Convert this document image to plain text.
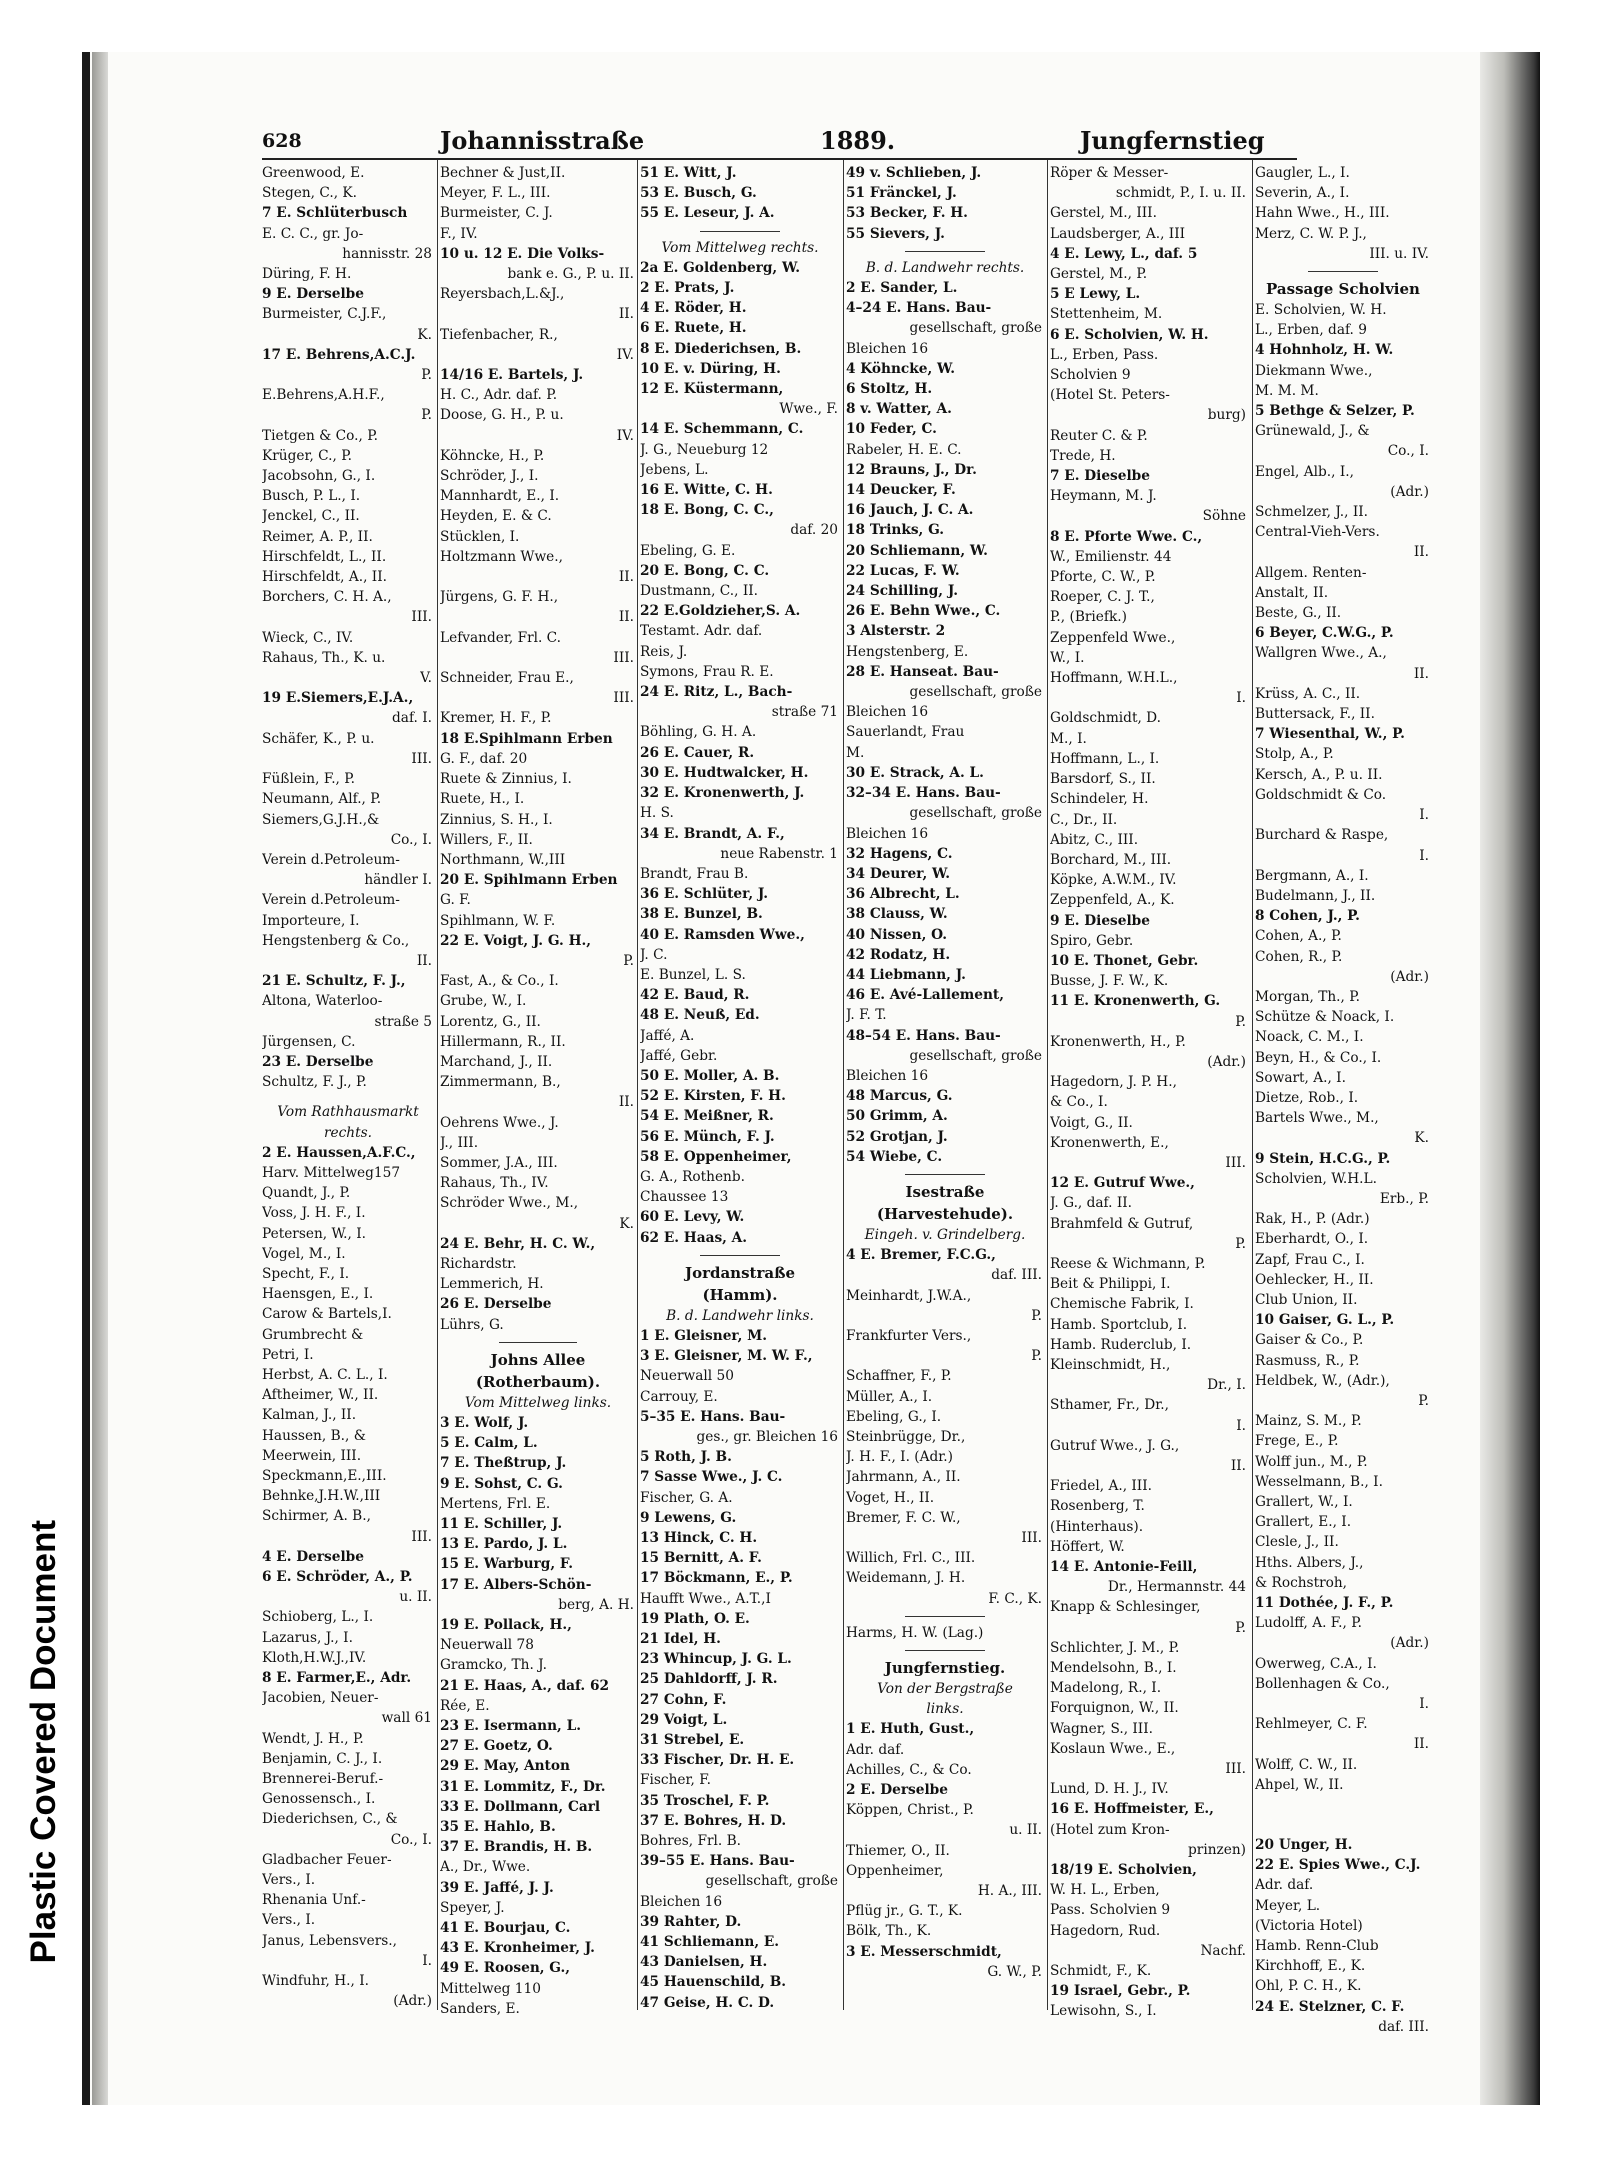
Plastic Covered Document
628	Johannisstraße	1889.	Jungfernstieg
Greenwood, E.
Stegen, C., K.
7 E. Schlüterbusch
E. C. C., gr. Jo-
hannisstr. 28
Düring, F. H.
9 E. Derselbe
Burmeister, C.J.F.,
K.
17 E. Behrens,A.C.J.
P.
E.Behrens,A.H.F.,
P.
Tietgen & Co., P.
Krüger, C., P.
Jacobsohn, G., I.
Busch, P. L., I.
Jenckel, C., II.
Reimer, A. P., II.
Hirschfeldt, L., II.
Hirschfeldt, A., II.
Borchers, C. H. A.,
III.
Wieck, C., IV.
Rahaus, Th., K. u.
V.
19 E.Siemers,E.J.A.,
daf. I.
Schäfer, K., P. u.
III.
Füßlein, F., P.
Neumann, Alf., P.
Siemers,G.J.H.,&
Co., I.
Verein d.Petroleum-
händler I.
Verein d.Petroleum-
Importeure, I.
Hengstenberg & Co.,
II.
21 E. Schultz, F. J.,
Altona, Waterloo-
straße 5
Jürgensen, C.
23 E. Derselbe
Schultz, F. J., P.
Vom Rathhausmarkt
rechts.
2 E. Haussen,A.F.C.,
Harv. Mittelweg157
Quandt, J., P.
Voss, J. H. F., I.
Petersen, W., I.
Vogel, M., I.
Specht, F., I.
Haensgen, E., I.
Carow & Bartels,I.
Grumbrecht &
Petri, I.
Herbst, A. C. L., I.
Aftheimer, W., II.
Kalman, J., II.
Haussen, B., &
Meerwein, III.
Speckmann,E.,III.
Behnke,J.H.W.,III
Schirmer, A. B.,
III.
4 E. Derselbe
6 E. Schröder, A., P.
u. II.
Schioberg, L., I.
Lazarus, J., I.
Kloth,H.W.J.,IV.
8 E. Farmer,E., Adr.
Jacobien, Neuer-
wall 61
Wendt, J. H., P.
Benjamin, C. J., I.
Brennerei-Beruf.-
Genossensch., I.
Diederichsen, C., &
Co., I.
Gladbacher Feuer-
Vers., I.
Rhenania Unf.-
Vers., I.
Janus, Lebensvers.,
I.
Windfuhr, H., I.
(Adr.)
Bechner & Just,II.
Meyer, F. L., III.
Burmeister, C. J.
F., IV.
10 u. 12 E. Die Volks-
bank e. G., P. u. II.
Reyersbach,L.&J.,
II.
Tiefenbacher, R.,
IV.
14/16 E. Bartels, J.
H. C., Adr. daf. P.
Doose, G. H., P. u.
IV.
Köhncke, H., P.
Schröder, J., I.
Mannhardt, E., I.
Heyden, E. & C.
Stücklen, I.
Holtzmann Wwe.,
II.
Jürgens, G. F. H.,
II.
Lefvander, Frl. C.
III.
Schneider, Frau E.,
III.
Kremer, H. F., P.
18 E.Spihlmann Erben
G. F., daf. 20
Ruete & Zinnius, I.
Ruete, H., I.
Zinnius, S. H., I.
Willers, F., II.
Northmann, W.,III
20 E. Spihlmann Erben
G. F.
Spihlmann, W. F.
22 E. Voigt, J. G. H.,
P.
Fast, A., & Co., I.
Grube, W., I.
Lorentz, G., II.
Hillermann, R., II.
Marchand, J., II.
Zimmermann, B.,
II.
Oehrens Wwe., J.
J., III.
Sommer, J.A., III.
Rahaus, Th., IV.
Schröder Wwe., M.,
K.
24 E. Behr, H. C. W.,
Richardstr.
Lemmerich, H.
26 E. Derselbe
Lührs, G.
Johns Allee
(Rotherbaum).
Vom Mittelweg links.
3 E. Wolf, J.
5 E. Calm, L.
7 E. Theßtrup, J.
9 E. Sohst, C. G.
Mertens, Frl. E.
11 E. Schiller, J.
13 E. Pardo, J. L.
15 E. Warburg, F.
17 E. Albers-Schön-
berg, A. H.
19 E. Pollack, H.,
Neuerwall 78
Gramcko, Th. J.
21 E. Haas, A., daf. 62
Rée, E.
23 E. Isermann, L.
27 E. Goetz, O.
29 E. May, Anton
31 E. Lommitz, F., Dr.
33 E. Dollmann, Carl
35 E. Hahlo, B.
37 E. Brandis, H. B.
A., Dr., Wwe.
39 E. Jaffé, J. J.
Speyer, J.
41 E. Bourjau, C.
43 E. Kronheimer, J.
49 E. Roosen, G.,
Mittelweg 110
Sanders, E.
51 E. Witt, J.
53 E. Busch, G.
55 E. Leseur, J. A.
Vom Mittelweg rechts.
2a E. Goldenberg, W.
2 E. Prats, J.
4 E. Röder, H.
6 E. Ruete, H.
8 E. Diederichsen, B.
10 E. v. Düring, H.
12 E. Küstermann,
Wwe., F.
14 E. Schemmann, C.
J. G., Neueburg 12
Jebens, L.
16 E. Witte, C. H.
18 E. Bong, C. C.,
daf. 20
Ebeling, G. E.
20 E. Bong, C. C.
Dustmann, C., II.
22 E.Goldzieher,S. A.
Testamt. Adr. daf.
Reis, J.
Symons, Frau R. E.
24 E. Ritz, L., Bach-
straße 71
Böhling, G. H. A.
26 E. Cauer, R.
30 E. Hudtwalcker, H.
32 E. Kronenwerth, J.
H. S.
34 E. Brandt, A. F.,
neue Rabenstr. 1
Brandt, Frau B.
36 E. Schlüter, J.
38 E. Bunzel, B.
40 E. Ramsden Wwe.,
J. C.
E. Bunzel, L. S.
42 E. Baud, R.
48 E. Neuß, Ed.
Jaffé, A.
Jaffé, Gebr.
50 E. Moller, A. B.
52 E. Kirsten, F. H.
54 E. Meißner, R.
56 E. Münch, F. J.
58 E. Oppenheimer,
G. A., Rothenb.
Chaussee 13
60 E. Levy, W.
62 E. Haas, A.
Jordanstraße
(Hamm).
B. d. Landwehr links.
1 E. Gleisner, M.
3 E. Gleisner, M. W. F.,
Neuerwall 50
Carrouy, E.
5–35 E. Hans. Bau-
ges., gr. Bleichen 16
5 Roth, J. B.
7 Sasse Wwe., J. C.
Fischer, G. A.
9 Lewens, G.
13 Hinck, C. H.
15 Bernitt, A. F.
17 Böckmann, E., P.
Haufft Wwe., A.T.,I
19 Plath, O. E.
21 Idel, H.
23 Whincup, J. G. L.
25 Dahldorff, J. R.
27 Cohn, F.
29 Voigt, L.
31 Strebel, E.
33 Fischer, Dr. H. E.
Fischer, F.
35 Troschel, F. P.
37 E. Bohres, H. D.
Bohres, Frl. B.
39–55 E. Hans. Bau-
gesellschaft, große
Bleichen 16
39 Rahter, D.
41 Schliemann, E.
43 Danielsen, H.
45 Hauenschild, B.
47 Geise, H. C. D.
49 v. Schlieben, J.
51 Fränckel, J.
53 Becker, F. H.
55 Sievers, J.
B. d. Landwehr rechts.
2 E. Sander, L.
4–24 E. Hans. Bau-
gesellschaft, große
Bleichen 16
4 Köhncke, W.
6 Stoltz, H.
8 v. Watter, A.
10 Feder, C.
Rabeler, H. E. C.
12 Brauns, J., Dr.
14 Deucker, F.
16 Jauch, J. C. A.
18 Trinks, G.
20 Schliemann, W.
22 Lucas, F. W.
24 Schilling, J.
26 E. Behn Wwe., C.
3 Alsterstr. 2
Hengstenberg, E.
28 E. Hanseat. Bau-
gesellschaft, große
Bleichen 16
Sauerlandt, Frau
M.
30 E. Strack, A. L.
32–34 E. Hans. Bau-
gesellschaft, große
Bleichen 16
32 Hagens, C.
34 Deurer, W.
36 Albrecht, L.
38 Clauss, W.
40 Nissen, O.
42 Rodatz, H.
44 Liebmann, J.
46 E. Avé-Lallement,
J. F. T.
48–54 E. Hans. Bau-
gesellschaft, große
Bleichen 16
48 Marcus, G.
50 Grimm, A.
52 Grotjan, J.
54 Wiebe, C.
Isestraße
(Harvestehude).
Eingeh. v. Grindelberg.
4 E. Bremer, F.C.G.,
daf. III.
Meinhardt, J.W.A.,
P.
Frankfurter Vers.,
P.
Schaffner, F., P.
Müller, A., I.
Ebeling, G., I.
Steinbrügge, Dr.,
J. H. F., I. (Adr.)
Jahrmann, A., II.
Voget, H., II.
Bremer, F. C. W.,
III.
Willich, Frl. C., III.
Weidemann, J. H.
F. C., K.
Harms, H. W. (Lag.)
Jungfernstieg.
Von der Bergstraße
links.
1 E. Huth, Gust.,
Adr. daf.
Achilles, C., & Co.
2 E. Derselbe
Köppen, Christ., P.
u. II.
Thiemer, O., II.
Oppenheimer,
H. A., III.
Pflüg jr., G. T., K.
Bölk, Th., K.
3 E. Messerschmidt,
G. W., P.
Röper & Messer-
schmidt, P., I. u. II.
Gerstel, M., III.
Laudsberger, A., III
4 E. Lewy, L., daf. 5
Gerstel, M., P.
5 E Lewy, L.
Stettenheim, M.
6 E. Scholvien, W. H.
L., Erben, Pass.
Scholvien 9
(Hotel St. Peters-
burg)
Reuter C. & P.
Trede, H.
7 E. Dieselbe
Heymann, M. J.
Söhne
8 E. Pforte Wwe. C.,
W., Emilienstr. 44
Pforte, C. W., P.
Roeper, C. J. T.,
P., (Briefk.)
Zeppenfeld Wwe.,
W., I.
Hoffmann, W.H.L.,
I.
Goldschmidt, D.
M., I.
Hoffmann, L., I.
Barsdorf, S., II.
Schindeler, H.
C., Dr., II.
Abitz, C., III.
Borchard, M., III.
Köpke, A.W.M., IV.
Zeppenfeld, A., K.
9 E. Dieselbe
Spiro, Gebr.
10 E. Thonet, Gebr.
Busse, J. F. W., K.
11 E. Kronenwerth, G.
P.
Kronenwerth, H., P.
(Adr.)
Hagedorn, J. P. H.,
& Co., I.
Voigt, G., II.
Kronenwerth, E.,
III.
12 E. Gutruf Wwe.,
J. G., daf. II.
Brahmfeld & Gutruf,
P.
Reese & Wichmann, P.
Beit & Philippi, I.
Chemische Fabrik, I.
Hamb. Sportclub, I.
Hamb. Ruderclub, I.
Kleinschmidt, H.,
Dr., I.
Sthamer, Fr., Dr.,
I.
Gutruf Wwe., J. G.,
II.
Friedel, A., III.
Rosenberg, T.
(Hinterhaus).
Höffert, W.
14 E. Antonie-Feill,
Dr., Hermannstr. 44
Knapp & Schlesinger,
P.
Schlichter, J. M., P.
Mendelsohn, B., I.
Madelong, R., I.
Forquignon, W., II.
Wagner, S., III.
Koslaun Wwe., E.,
III.
Lund, D. H. J., IV.
16 E. Hoffmeister, E.,
(Hotel zum Kron-
prinzen)
18/19 E. Scholvien,
W. H. L., Erben,
Pass. Scholvien 9
Hagedorn, Rud.
Nachf.
Schmidt, F., K.
19 Israel, Gebr., P.
Lewisohn, S., I.
Gaugler, L., I.
Severin, A., I.
Hahn Wwe., H., III.
Merz, C. W. P. J.,
III. u. IV.
Passage Scholvien
E. Scholvien, W. H.
L., Erben, daf. 9
4 Hohnholz, H. W.
Diekmann Wwe.,
M. M. M.
5 Bethge & Selzer, P.
Grünewald, J., &
Co., I.
Engel, Alb., I.,
(Adr.)
Schmelzer, J., II.
Central-Vieh-Vers.
II.
Allgem. Renten-
Anstalt, II.
Beste, G., II.
6 Beyer, C.W.G., P.
Wallgren Wwe., A.,
II.
Krüss, A. C., II.
Buttersack, F., II.
7 Wiesenthal, W., P.
Stolp, A., P.
Kersch, A., P. u. II.
Goldschmidt & Co.
I.
Burchard & Raspe,
I.
Bergmann, A., I.
Budelmann, J., II.
8 Cohen, J., P.
Cohen, A., P.
Cohen, R., P.
(Adr.)
Morgan, Th., P.
Schütze & Noack, I.
Noack, C. M., I.
Beyn, H., & Co., I.
Sowart, A., I.
Dietze, Rob., I.
Bartels Wwe., M.,
K.
9 Stein, H.C.G., P.
Scholvien, W.H.L.
Erb., P.
Rak, H., P. (Adr.)
Eberhardt, O., I.
Zapf, Frau C., I.
Oehlecker, H., II.
Club Union, II.
10 Gaiser, G. L., P.
Gaiser & Co., P.
Rasmuss, R., P.
Heldbek, W., (Adr.),
P.
Mainz, S. M., P.
Frege, E., P.
Wolff jun., M., P.
Wesselmann, B., I.
Grallert, W., I.
Grallert, E., I.
Clesle, J., II.
Hths. Albers, J.,
& Rochstroh,
11 Dothée, J. F., P.
Ludolff, A. F., P.
(Adr.)
Owerweg, C.A., I.
Bollenhagen & Co.,
I.
Rehlmeyer, C. F.
II.
Wolff, C. W., II.
Ahpel, W., II.
20 Unger, H.
22 E. Spies Wwe., C.J.
Adr. daf.
Meyer, L.
(Victoria Hotel)
Hamb. Renn-Club
Kirchhoff, E., K.
Ohl, P. C. H., K.
24 E. Stelzner, C. F.
daf. III.
